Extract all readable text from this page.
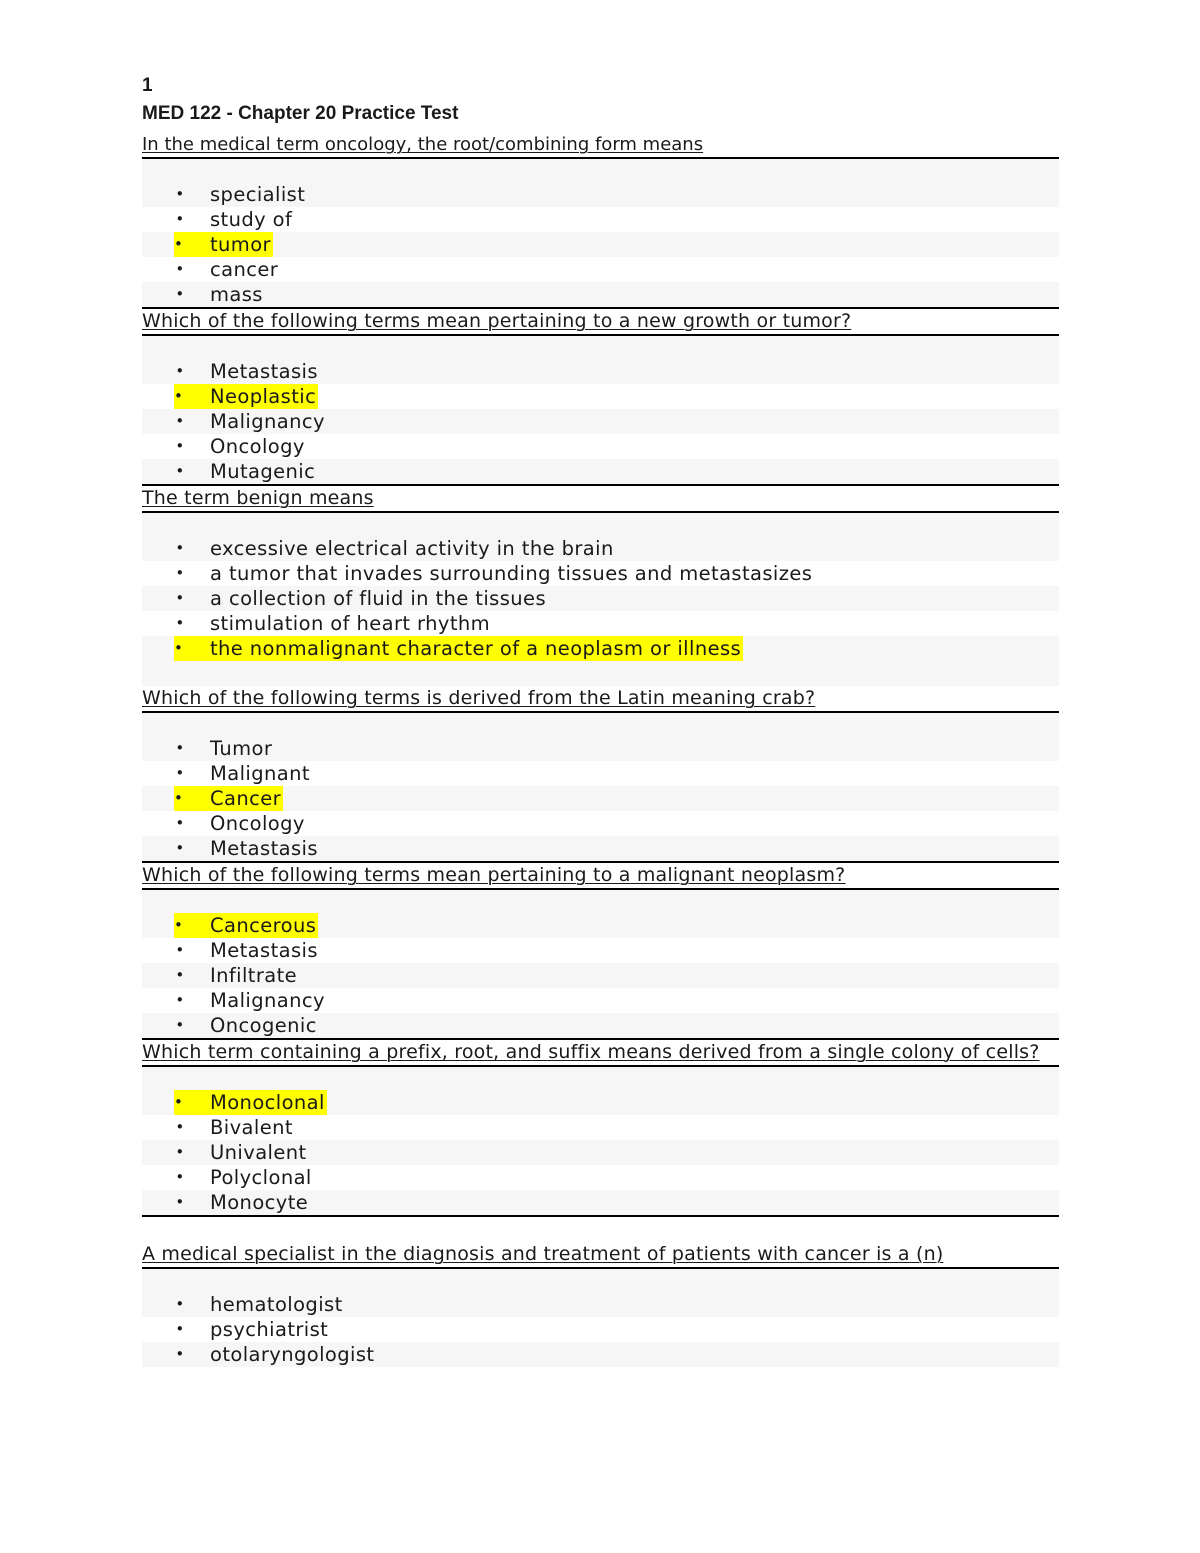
1
MED 122 - Chapter 20 Practice Test
In the medical term oncology, the root/combining form means
• specialist
• study of
•	tumor
• cancer
• mass
Which of the following terms mean pertaining to a new growth or tumor?
• Metastasis
•	Neoplastic
• Malignancy
• Oncology
• Mutagenic
The term benign means
• excessive electrical activity in the brain
• a tumor that invades surrounding tissues and metastasizes
• a collection of fluid in the tissues
• stimulation of heart rhythm
•	the nonmalignant character of a neoplasm or illness
Which of the following terms is derived from the Latin meaning crab?
• Tumor
• Malignant
•	Cancer
• Oncology
• Metastasis
Which of the following terms mean pertaining to a malignant neoplasm?
•	Cancerous
• Metastasis
• Infiltrate
• Malignancy
• Oncogenic
Which term containing a prefix, root, and suffix means derived from a single colony of cells?
•	Monoclonal
• Bivalent
• Univalent
• Polyclonal
• Monocyte
A medical specialist in the diagnosis and treatment of patients with cancer is a (n)
• hematologist
• psychiatrist
• otolaryngologist
